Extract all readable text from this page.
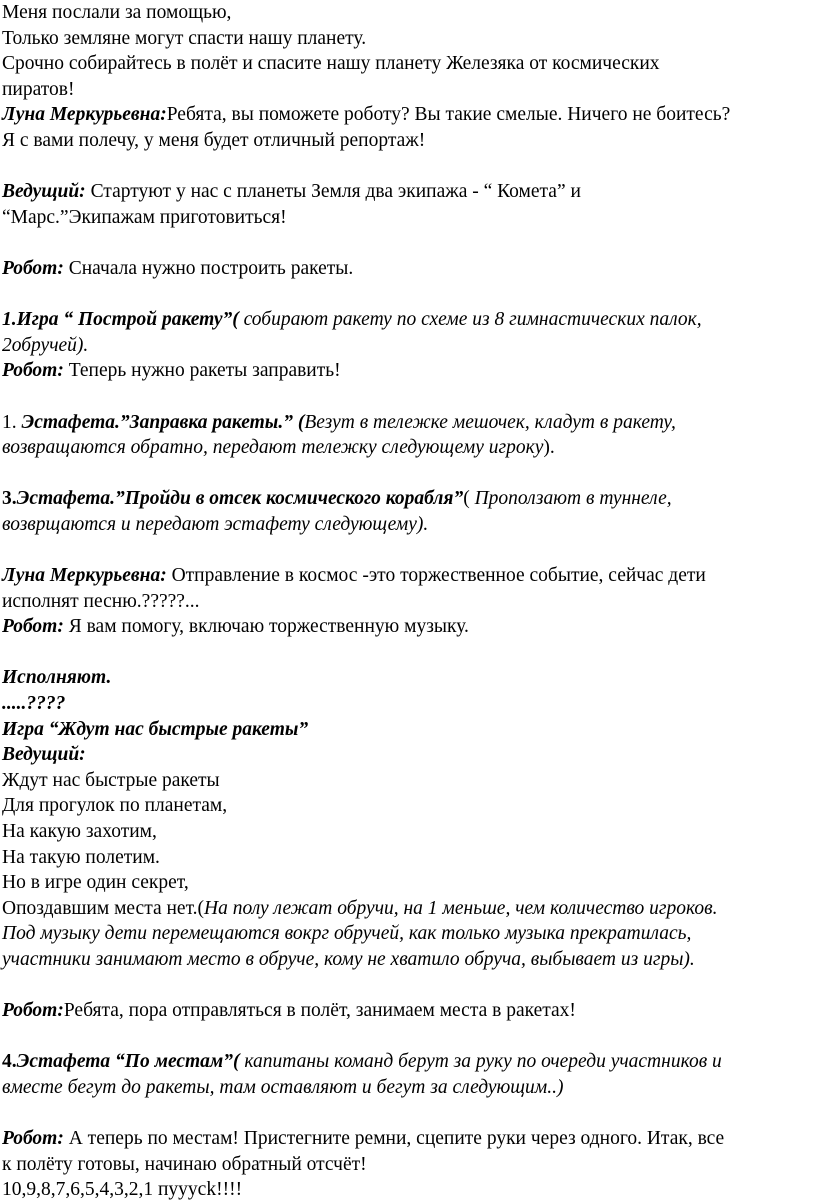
Меня послали за помощью,
Только земляне могут спасти нашу планету.
Срочно собирайтесь в полёт и спасите нашу планету Железяка от космических
пиратов!
Луна Меркурьевна:Ребята, вы поможете роботу? Вы такие смелые. Ничего не боитесь?
Я с вами полечу, у меня будет отличный репортаж!
Ведущий: Стартуют у нас с планеты Земля два экипажа - “ Комета” и
“Марс.”Экипажам приготовиться!
Робот: Сначала нужно построить ракеты.
1.Игра “ Построй ракету”( собирают ракету по схеме из 8 гимнастических палок,
2обручей).
Робот: Теперь нужно ракеты заправить!
1. Эстафета.”Заправка ракеты.” (Везут в тележке мешочек, кладут в ракету,
возвращаются обратно, передают тележку следующему игроку).
3.Эстафета.”Пройди в отсек космического корабля”( Проползают в туннеле,
возврщаются и передают эстафету следующему).
Луна Меркурьевна: Отправление в космос -это торжественное событие, сейчас дети
исполнят песню.?????...
Робот: Я вам помогу, включаю торжественную музыку.
Исполняют.
.....????
Игра “Ждут нас быстрые ракеты”
Ведущий:
Ждут нас быстрые ракеты
Для прогулок по планетам,
На какую захотим,
На такую полетим.
Но в игре один секрет,
Опоздавшим места нет.(На полу лежат обручи, на 1 меньше, чем количество игроков.
Под музыку дети перемещаются вокрг обручей, как только музыка прекратилась,
участники занимают место в обруче, кому не хватило обруча, выбывает из игры).
Робот:Ребята, пора отправляться в полёт, занимаем места в ракетах!
4.Эстафета “По местам”( капитаны команд берут за руку по очереди участников и
вместе бегут до ракеты, там оставляют и бегут за следующим..)
Робот: А теперь по местам! Пристегните ремни, сцепите руки через одного. Итак, все
к полёту готовы, начинаю обратный отсчёт!
10,9,8,7,6,5,4,3,2,1 пууусk!!!!
